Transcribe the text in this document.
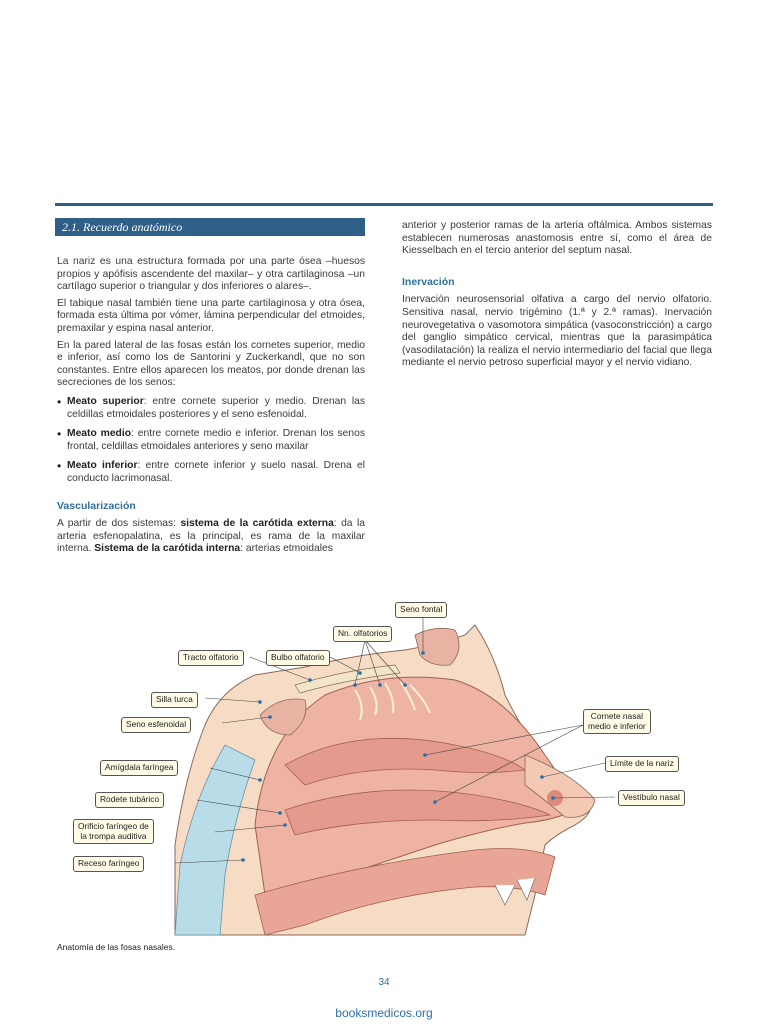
2.1. Recuerdo anatómico

La nariz es una estructura formada por una parte ósea –huesos propios y apófisis ascendente del maxilar– y otra cartilaginosa –un cartílago superior o triangular y dos inferiores o alares–.

El tabique nasal también tiene una parte cartilaginosa y otra ósea, formada esta última por vómer, lámina perpendicular del etmoides, premaxilar y espina nasal anterior.

En la pared lateral de las fosas están los cornetes superior, medio e inferior, así como los de Santorini y Zuckerkandl, que no son constantes. Entre ellos aparecen los meatos, por donde drenan las secreciones de los senos:

• Meato superior: entre cornete superior y medio. Drenan las celdillas etmoidales posteriores y el seno esfenoidal.
• Meato medio: entre cornete medio e inferior. Drenan los senos frontal, celdillas etmoidales anteriores y seno maxilar
• Meato inferior: entre cornete inferior y suelo nasal. Drena el conducto lacrimonasal.
Vascularización

A partir de dos sistemas: sistema de la carótida externa: da la arteria esfenopalatina, es la principal, es rama de la maxilar interna. Sistema de la carótida interna: arterias etmoidales

anterior y posterior ramas de la arteria oftálmica. Ambos sistemas establecen numerosas anastomosis entre sí, como el área de Kiesselbach en el tercio anterior del septum nasal.

Inervación

Inervación neurosensorial olfativa a cargo del nervio olfatorio. Sensitiva nasal, nervio trigémino (1.ª y 2.ª ramas). Inervación neurovegetativa o vasomotora simpática (vasoconstricción) a cargo del ganglio simpático cervical, mientras que la parasimpática (vasodilatación) la realiza el nervio intermediario del facial que llega mediante el nervio petroso superficial mayor y el nervio vidiano.

Seno fontal
Nn. olfatorios
Tracto olfatorio	Bulbo olfatorio
Silla turca
Seno esfenoidal
Amígdala faríngea
Rodete tubárico
Orificio faríngeo de
la trompa auditiva
Receso faríngeo
Cornete nasal
medio e inferior
Límite de la nariz
Vestíbulo nasal
Anatomía de las fosas nasales.
34
booksmedicos.org
